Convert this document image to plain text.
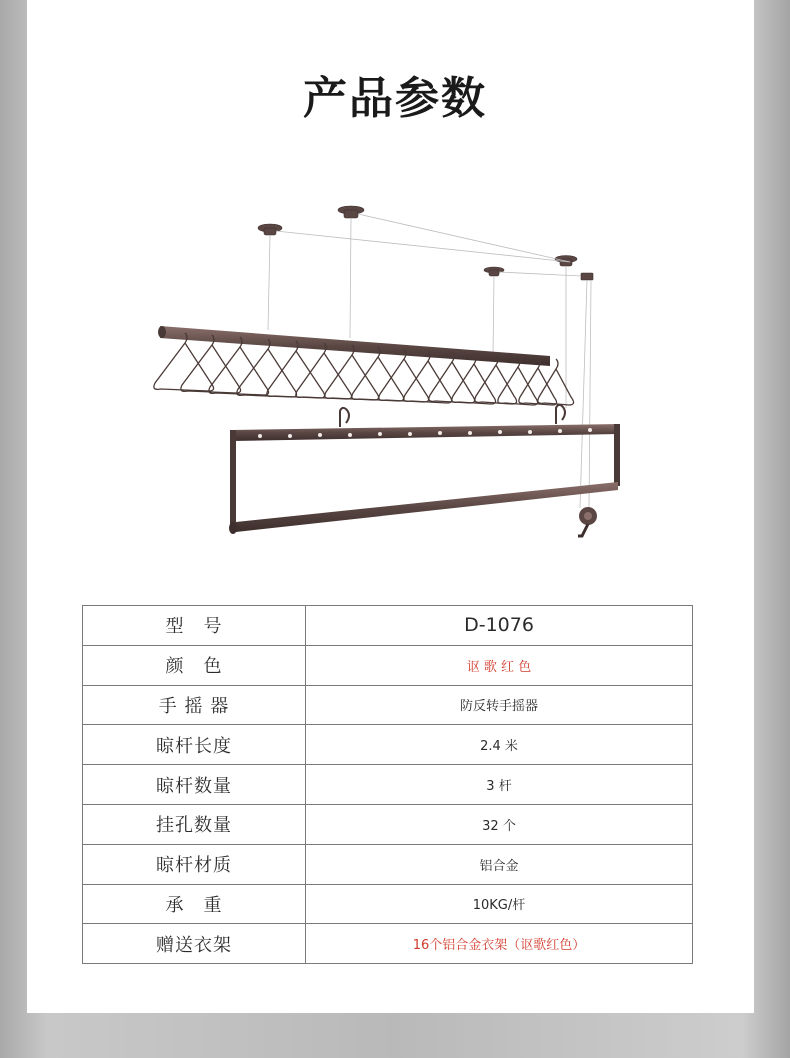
产品参数
型　号	D-1076
颜　色	讴 歌 红 色
手 摇 器	防反转手摇器
晾杆长度	2.4 米
晾杆数量	3 杆
挂孔数量	32 个
晾杆材质	铝合金
承　重	10KG/杆
赠送衣架	16个铝合金衣架（讴歌红色）
